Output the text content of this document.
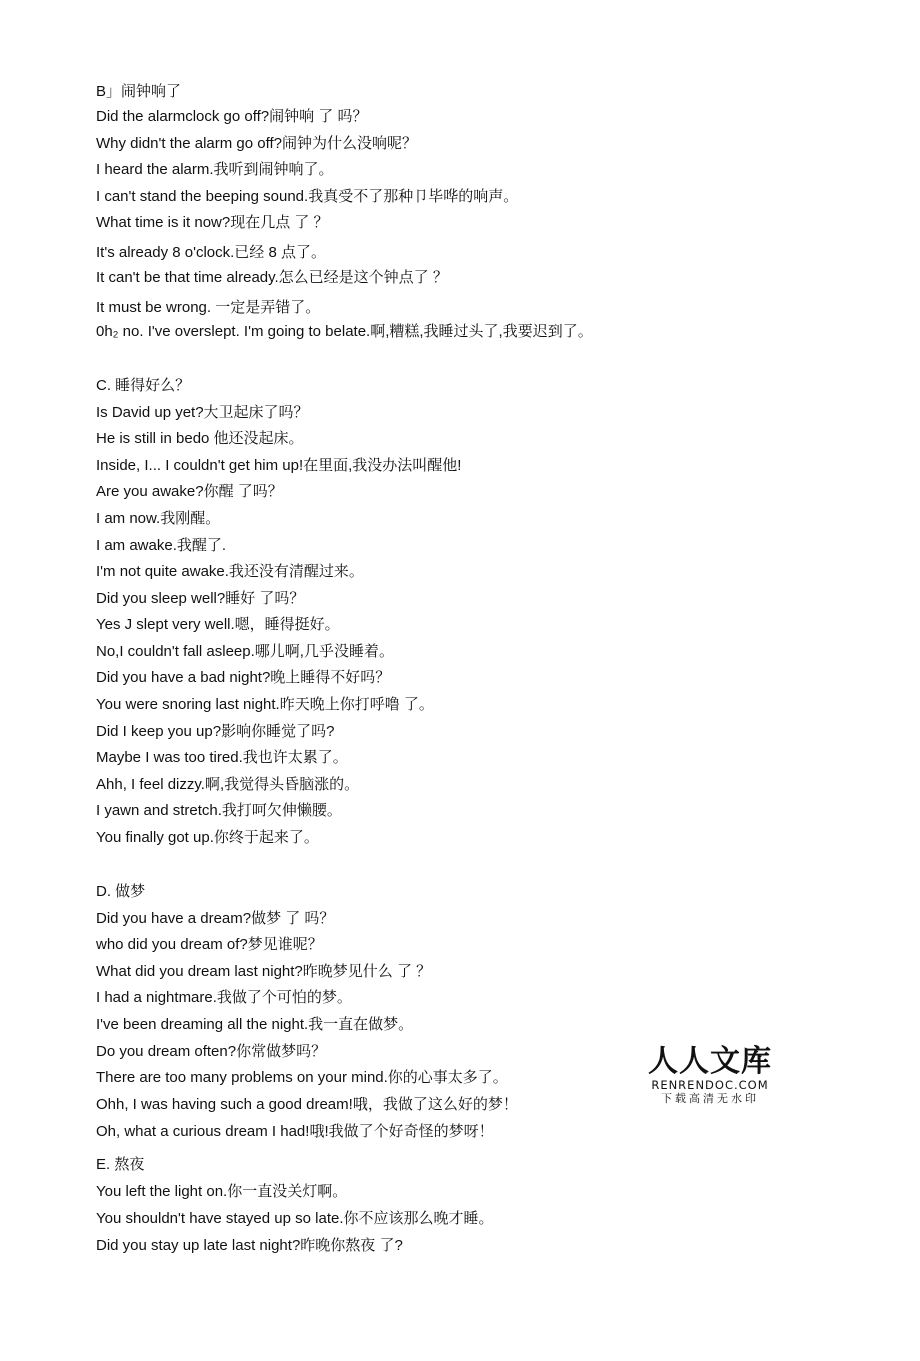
B」闹钟响了
Did the alarmclock go off?闹钟响 了 吗？
Why didn't the alarm go off?闹钟为什么没响呢？
I heard the alarm.我听到闹钟响了。
I can't stand the beeping sound.我真受不了那种卩毕哗的响声。
What time is it now?现在几点 了 ？
It's already 8 o'clock.已经 8 点了。
It can't be that time already.怎么已经是这个钟点了 ？
It must be wrong. 一定是弄错了。
0h₂ no. I've overslept. I'm going to belate.啊,糟糕,我睡过头了,我要迟到了。
C. 睡得好么？
Is David up yet?大卫起床了吗？
He is still in bedo 他还没起床。
Inside, I... I couldn't get him up!在里面,我没办法叫醒他!
Are you awake?你醒 了吗？
I am now.我刚醒。
I am awake.我醒了.
I'm not quite awake.我还没有清醒过来。
Did you sleep well?睡好 了吗？
Yes J slept very well.嗯，睡得挺好。
No,I couldn't fall asleep.哪儿啊,几乎没睡着。
Did you have a bad night?晚上睡得不好吗？
You were snoring last night.昨天晚上你打呼噜 了。
Did I keep you up?影响你睡觉了吗?
Maybe I was too tired.我也许太累了。
Ahh, I feel dizzy.啊,我觉得头昏脑涨的。
I yawn and stretch.我打呵欠伸懒腰。
You finally got up.你终于起来了。
D. 做梦
Did you have a dream?做梦 了 吗？
who did you dream of?梦见谁呢？
What did you dream last night?昨晚梦见什么 了 ？
I had a nightmare.我做了个可怕的梦。
I've been dreaming all the night.我一直在做梦。
Do you dream often?你常做梦吗？
There are too many problems on your mind.你的心事太多了。
Ohh, I was having such a good dream!哦，我做了这么好的梦！
Oh, what a curious dream I had!哦!我做了个好奇怪的梦呀！
E. 熬夜
You left the light on.你一直没关灯啊。
You shouldn't have stayed up so late.你不应该那么晚才睡。
Did you stay up late last night?昨晚你熬夜 了?
人人文库
RENRENDOC.COM
下载高清无水印
